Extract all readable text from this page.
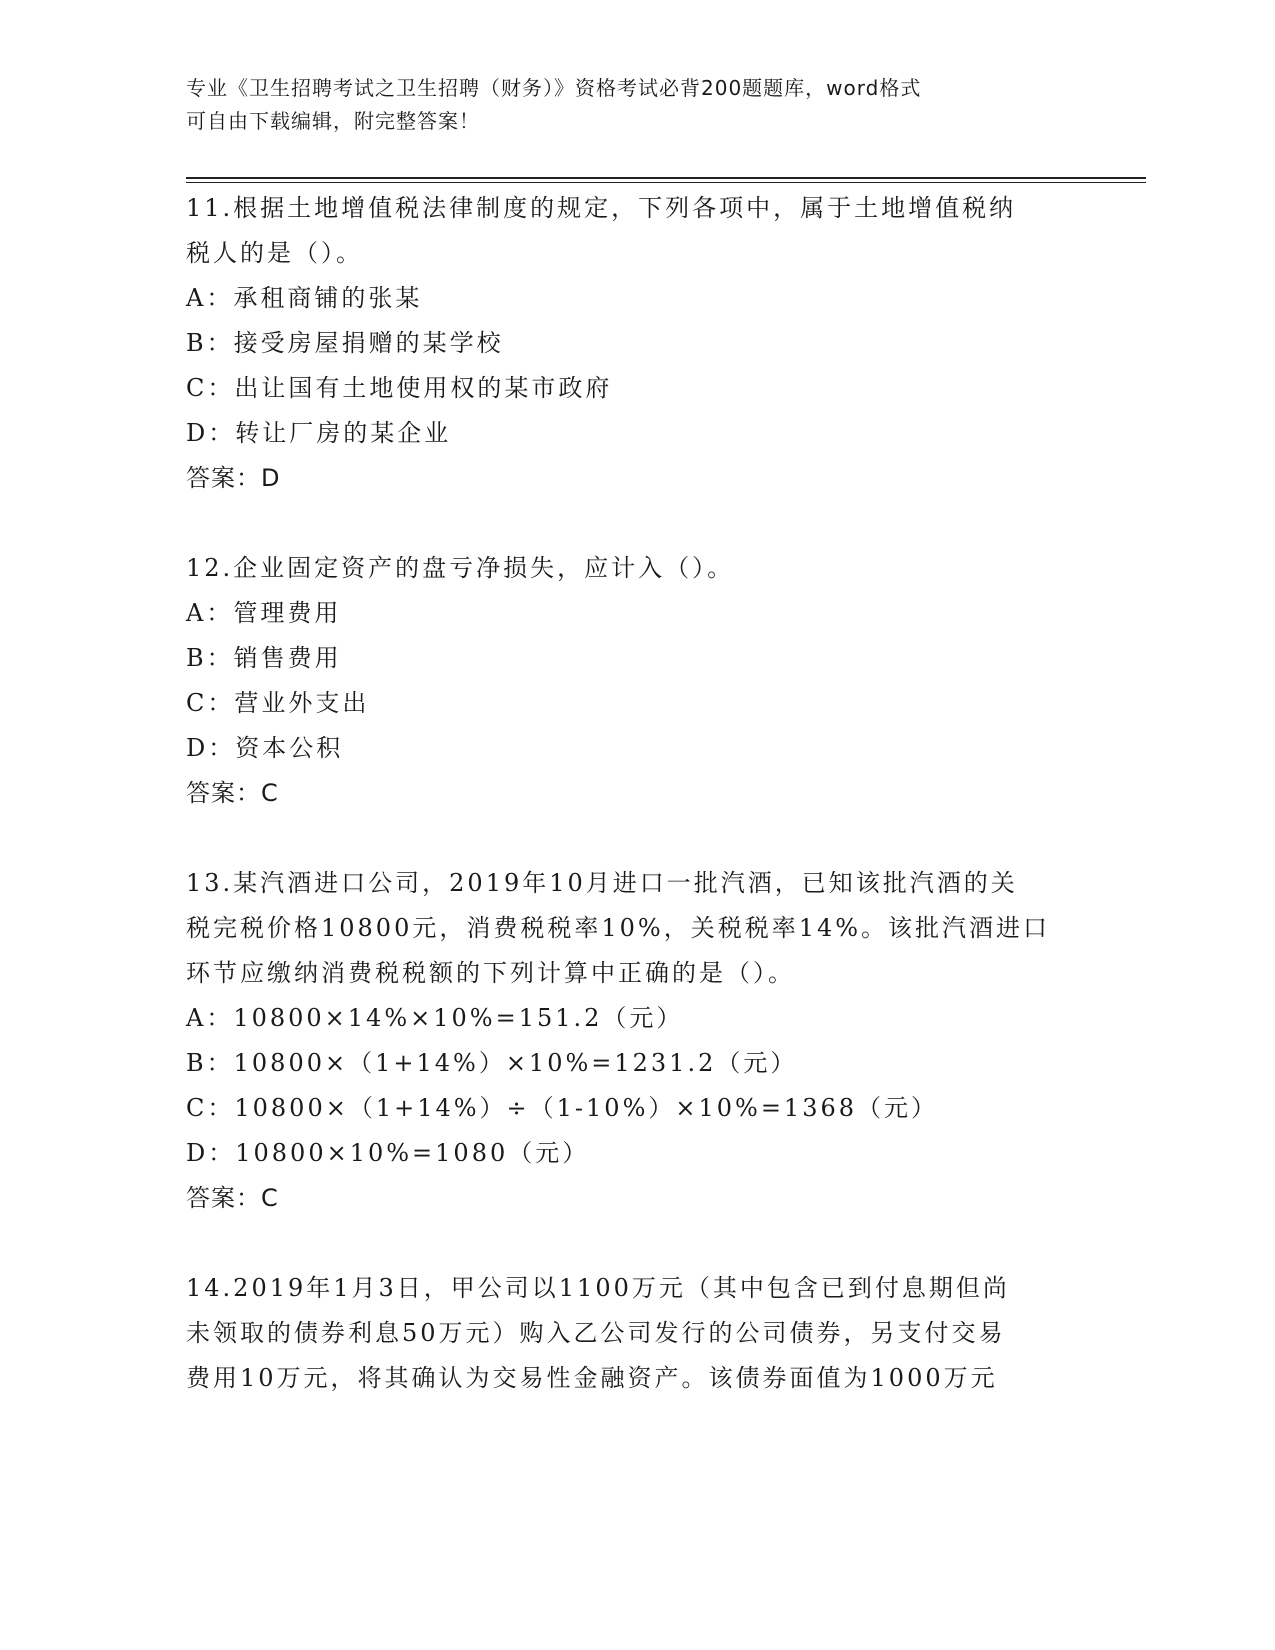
专业《卫生招聘考试之卫生招聘（财务）》资格考试必背200题题库，word格式
可自由下载编辑，附完整答案！
11.根据土地增值税法律制度的规定，下列各项中，属于土地增值税纳
税人的是（）。
A：承租商铺的张某
B：接受房屋捐赠的某学校
C：出让国有土地使用权的某市政府
D：转让厂房的某企业
答案：D
12.企业固定资产的盘亏净损失，应计入（）。
A：管理费用
B：销售费用
C：营业外支出
D：资本公积
答案：C
13.某汽酒进口公司，2019年10月进口一批汽酒，已知该批汽酒的关
税完税价格10800元，消费税税率10%，关税税率14%。该批汽酒进口
环节应缴纳消费税税额的下列计算中正确的是（）。
A：10800×14%×10%=151.2（元）
B：10800×（1+14%）×10%=1231.2（元）
C：10800×（1+14%）÷（1-10%）×10%=1368（元）
D：10800×10%=1080（元）
答案：C
14.2019年1月3日，甲公司以1100万元（其中包含已到付息期但尚
未领取的债券利息50万元）购入乙公司发行的公司债券，另支付交易
费用10万元，将其确认为交易性金融资产。该债券面值为1000万元
